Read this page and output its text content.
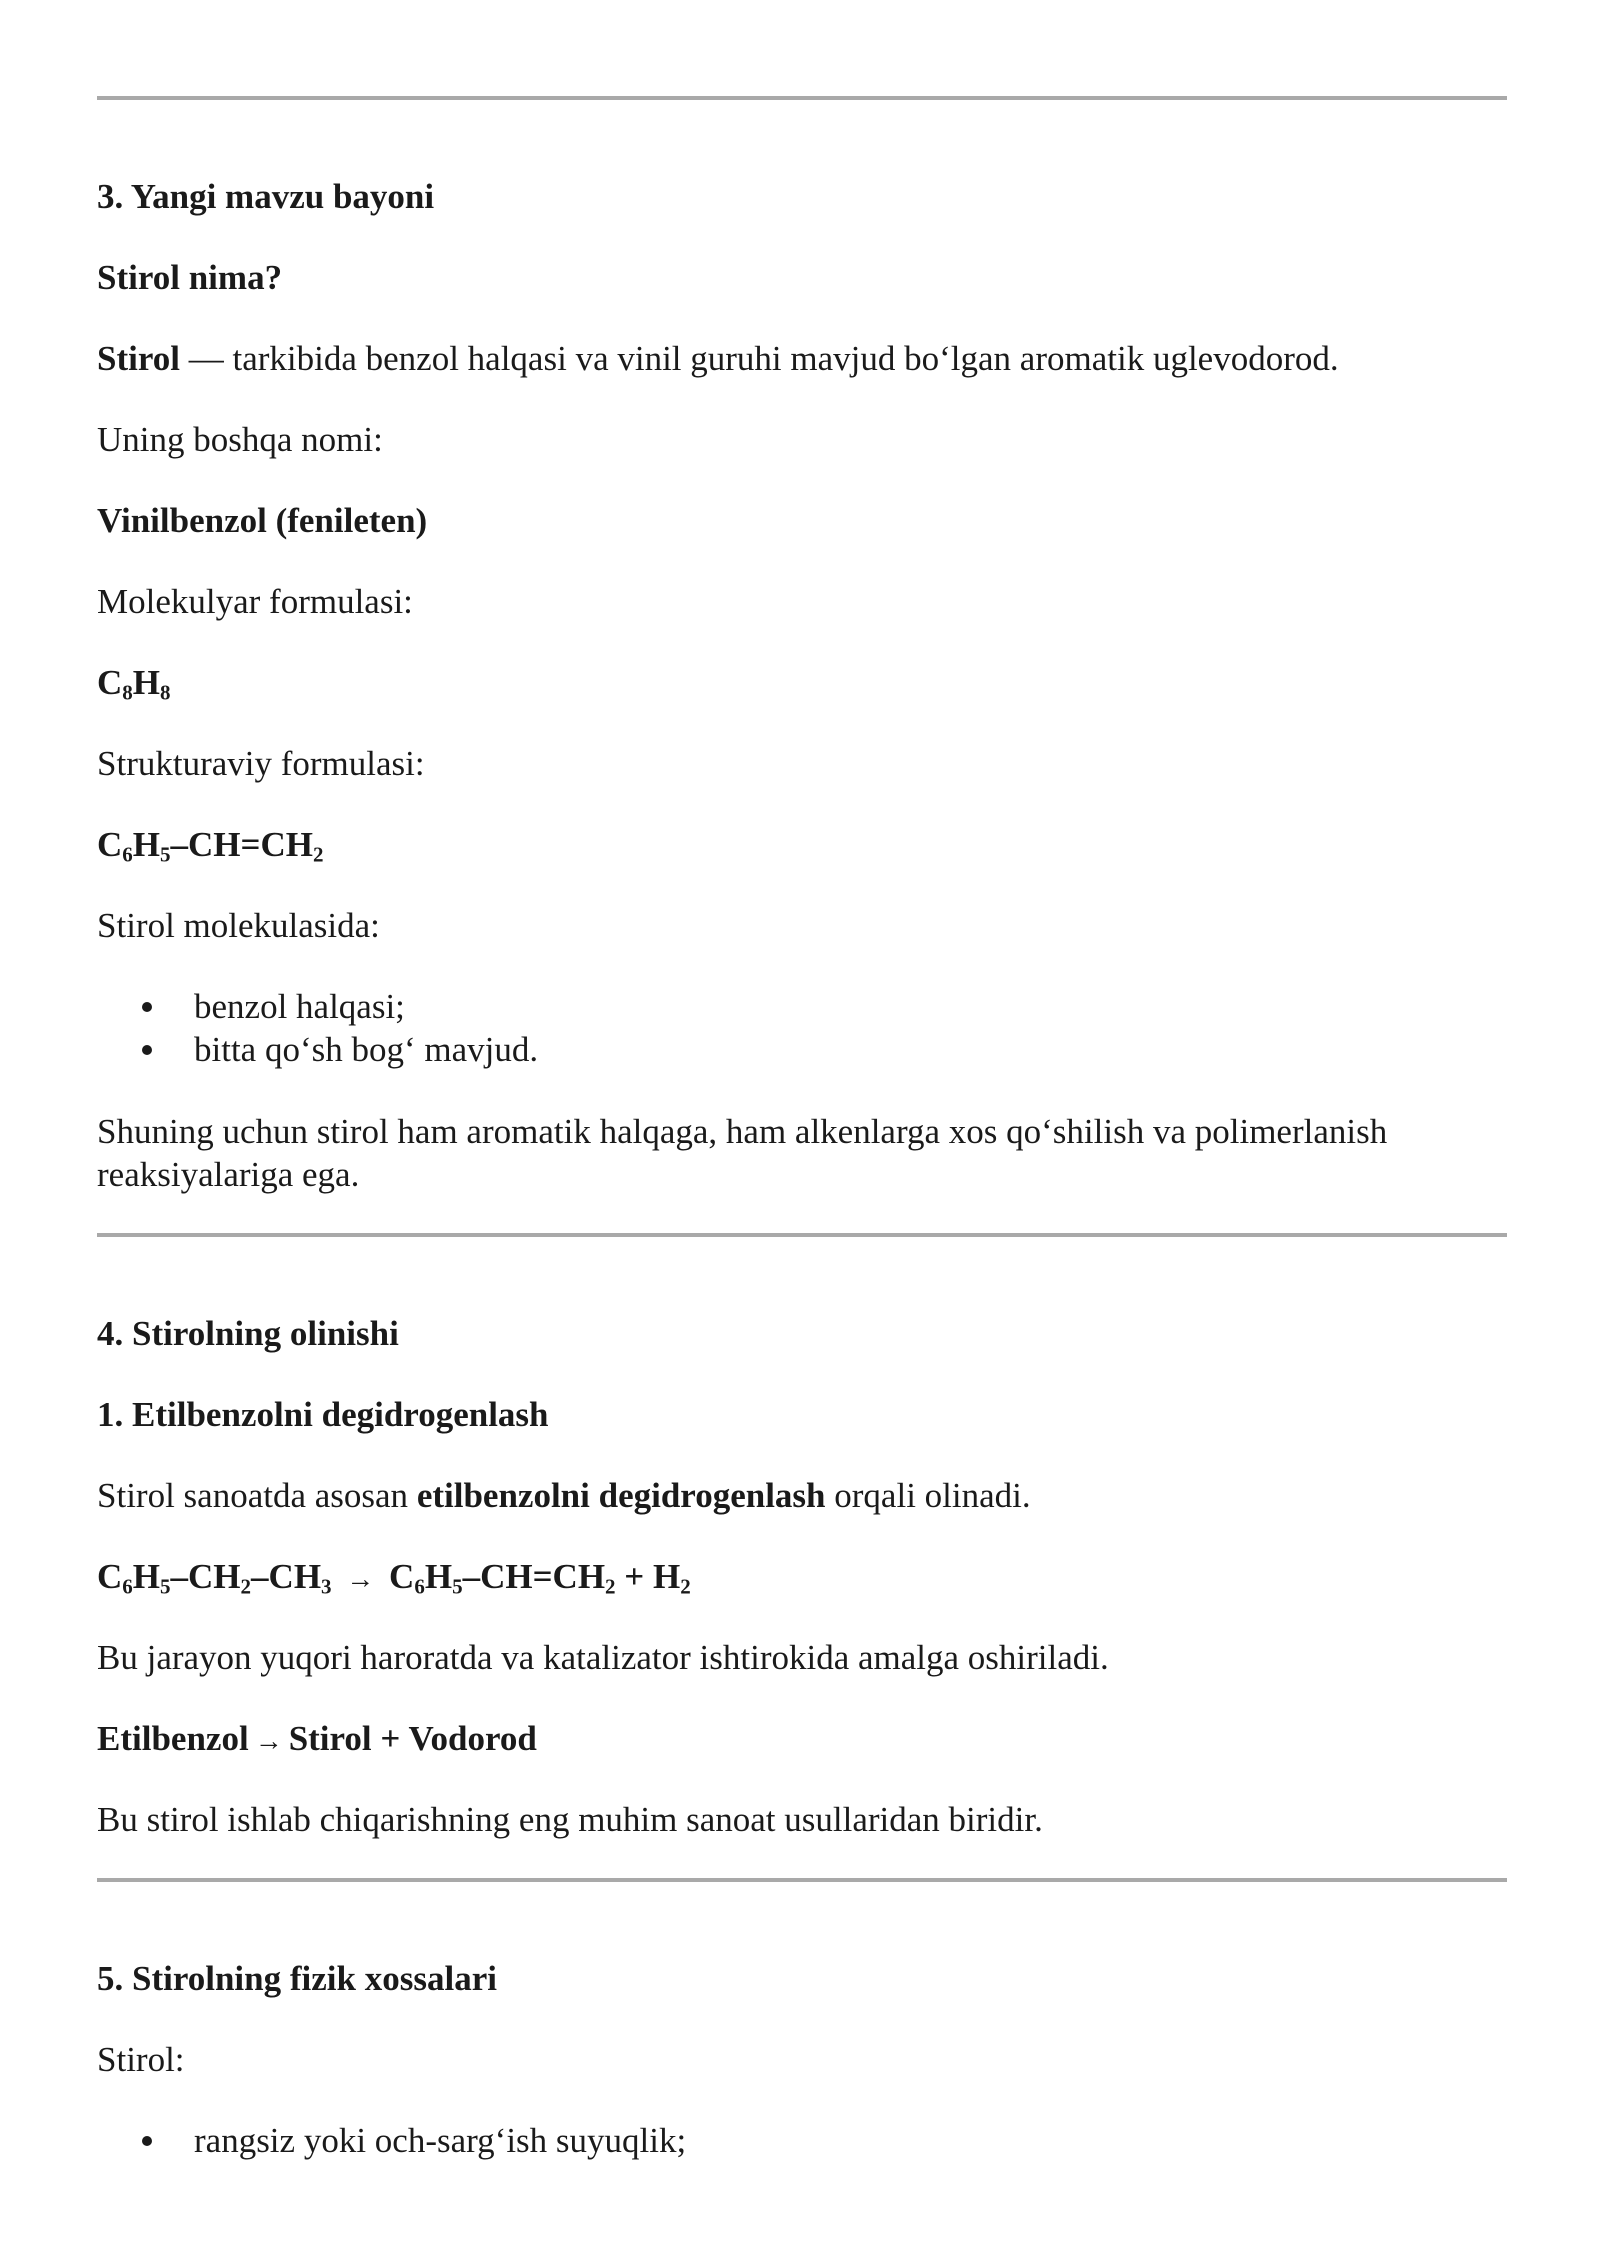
3. Yangi mavzu bayoni
Stirol nima?
Stirol — tarkibida benzol halqasi va vinil guruhi mavjud bo‘lgan aromatik uglevodorod.
Uning boshqa nomi:
Vinilbenzol (fenileten)
Molekulyar formulasi:
$C_8H_8$
Strukturaviy formulasi:
$C_6H_5-CH=CH_2$
Stirol molekulasida:
benzol halqasi;
bitta qo‘sh bog‘ mavjud.
Shuning uchun stirol ham aromatik halqaga, ham alkenlarga xos qo‘shilish va polimerlanish reaksiyalariga ega.
4. Stirolning olinishi
1. Etilbenzolni degidrogenlash
Stirol sanoatda asosan etilbenzolni degidrogenlash orqali olinadi.
$C_6H_5-CH_2-CH_3 \to C_6H_5-CH=CH_2 + H_2$
Bu jarayon yuqori haroratda va katalizator ishtirokida amalga oshiriladi.
Etilbenzol → Stirol + Vodorod
Bu stirol ishlab chiqarishning eng muhim sanoat usullaridan biridir.
5. Stirolning fizik xossalari
Stirol:
rangsiz yoki och-sarg‘ish suyuqlik;
